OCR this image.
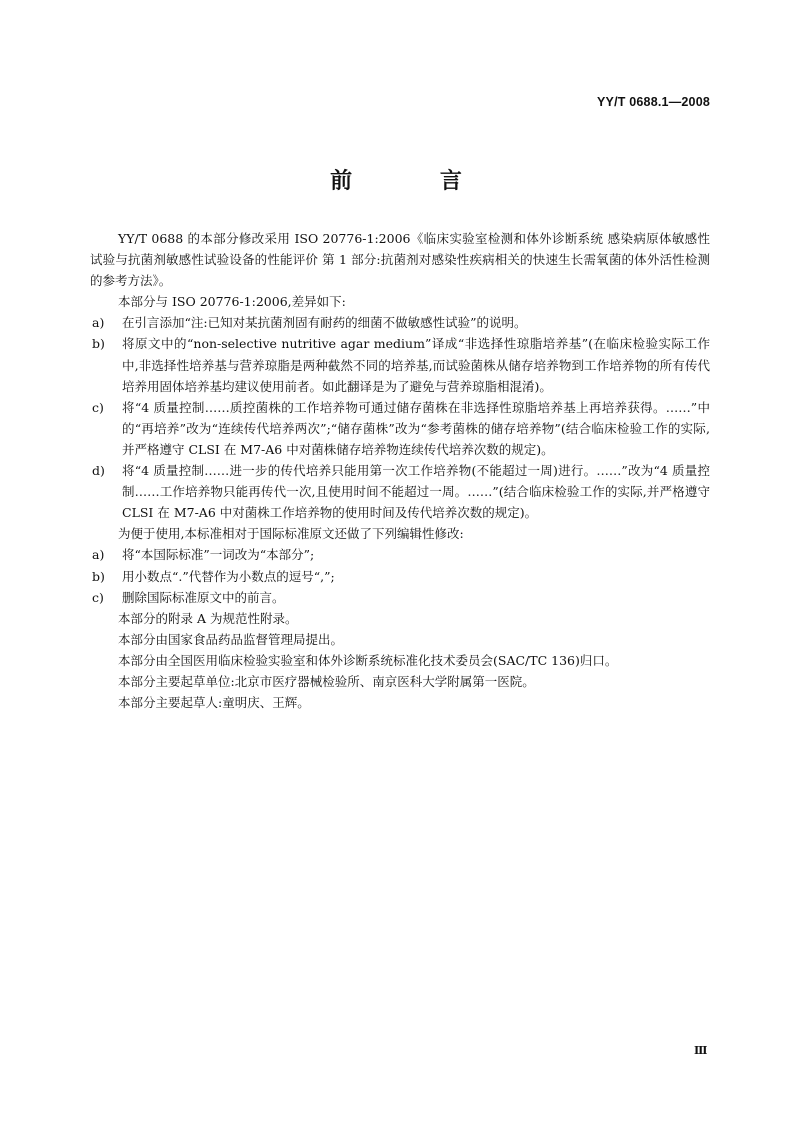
YY/T 0688.1—2008
前 言

YY/T 0688 的本部分修改采用 ISO 20776-1:2006《临床实验室检测和体外诊断系统 感染病原体敏感性试验与抗菌剂敏感性试验设备的性能评价 第 1 部分:抗菌剂对感染性疾病相关的快速生长需氧菌的体外活性检测的参考方法》。

本部分与 ISO 20776-1:2006,差异如下:

a)	在引言添加“注:已知对某抗菌剂固有耐药的细菌不做敏感性试验”的说明。
b)	将原文中的“non-selective nutritive agar medium”译成“非选择性琼脂培养基”(在临床检验实际工作中,非选择性培养基与营养琼脂是两种截然不同的培养基,而试验菌株从储存培养物到工作培养物的所有传代培养用固体培养基均建议使用前者。如此翻译是为了避免与营养琼脂相混淆)。
c)	将“4 质量控制……质控菌株的工作培养物可通过储存菌株在非选择性琼脂培养基上再培养获得。……”中的“再培养”改为“连续传代培养两次”;“储存菌株”改为“参考菌株的储存培养物”(结合临床检验工作的实际,并严格遵守 CLSI 在 M7-A6 中对菌株储存培养物连续传代培养次数的规定)。
d)	将“4 质量控制……进一步的传代培养只能用第一次工作培养物(不能超过一周)进行。……”改为“4 质量控制……工作培养物只能再传代一次,且使用时间不能超过一周。……”(结合临床检验工作的实际,并严格遵守 CLSI 在 M7-A6 中对菌株工作培养物的使用时间及传代培养次数的规定)。

为便于使用,本标准相对于国际标准原文还做了下列编辑性修改:

a)	将“本国际标准”一词改为“本部分”;
b)	用小数点“.”代替作为小数点的逗号“,”;
c)	删除国际标准原文中的前言。

本部分的附录 A 为规范性附录。

本部分由国家食品药品监督管理局提出。

本部分由全国医用临床检验实验室和体外诊断系统标准化技术委员会(SAC/TC 136)归口。

本部分主要起草单位:北京市医疗器械检验所、南京医科大学附属第一医院。

本部分主要起草人:童明庆、王辉。

Ⅲ
